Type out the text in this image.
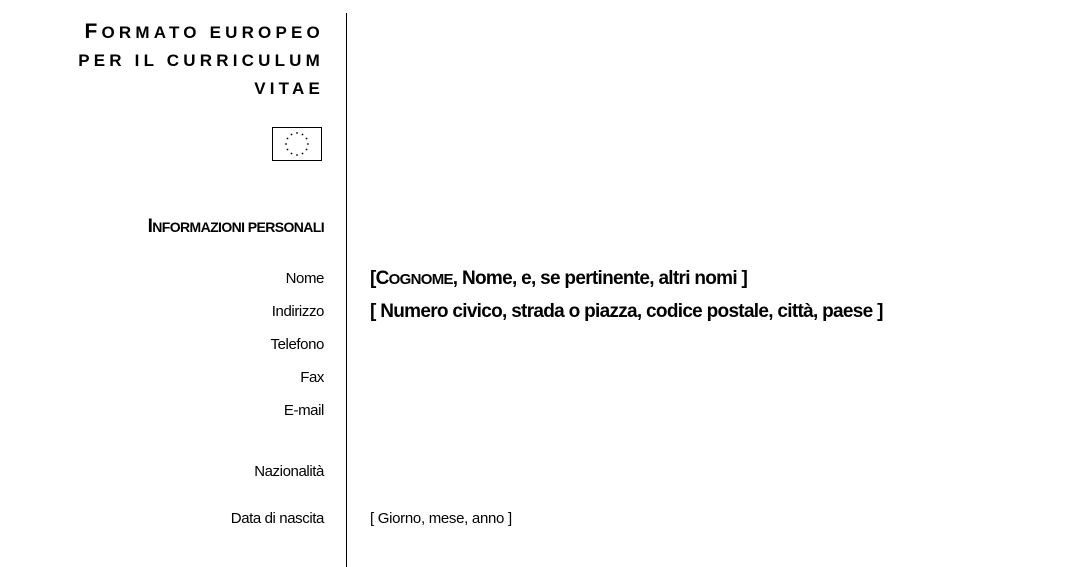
FORMATO EUROPEO
PER IL CURRICULUM
VITAE
INFORMAZIONI PERSONALI
Nome [COGNOME, Nome, e, se pertinente, altri nomi ]
Indirizzo [ Numero civico, strada o piazza, codice postale, città, paese ]
Telefono
Fax
E-mail
Nazionalità
Data di nascita	[ Giorno, mese, anno ]
